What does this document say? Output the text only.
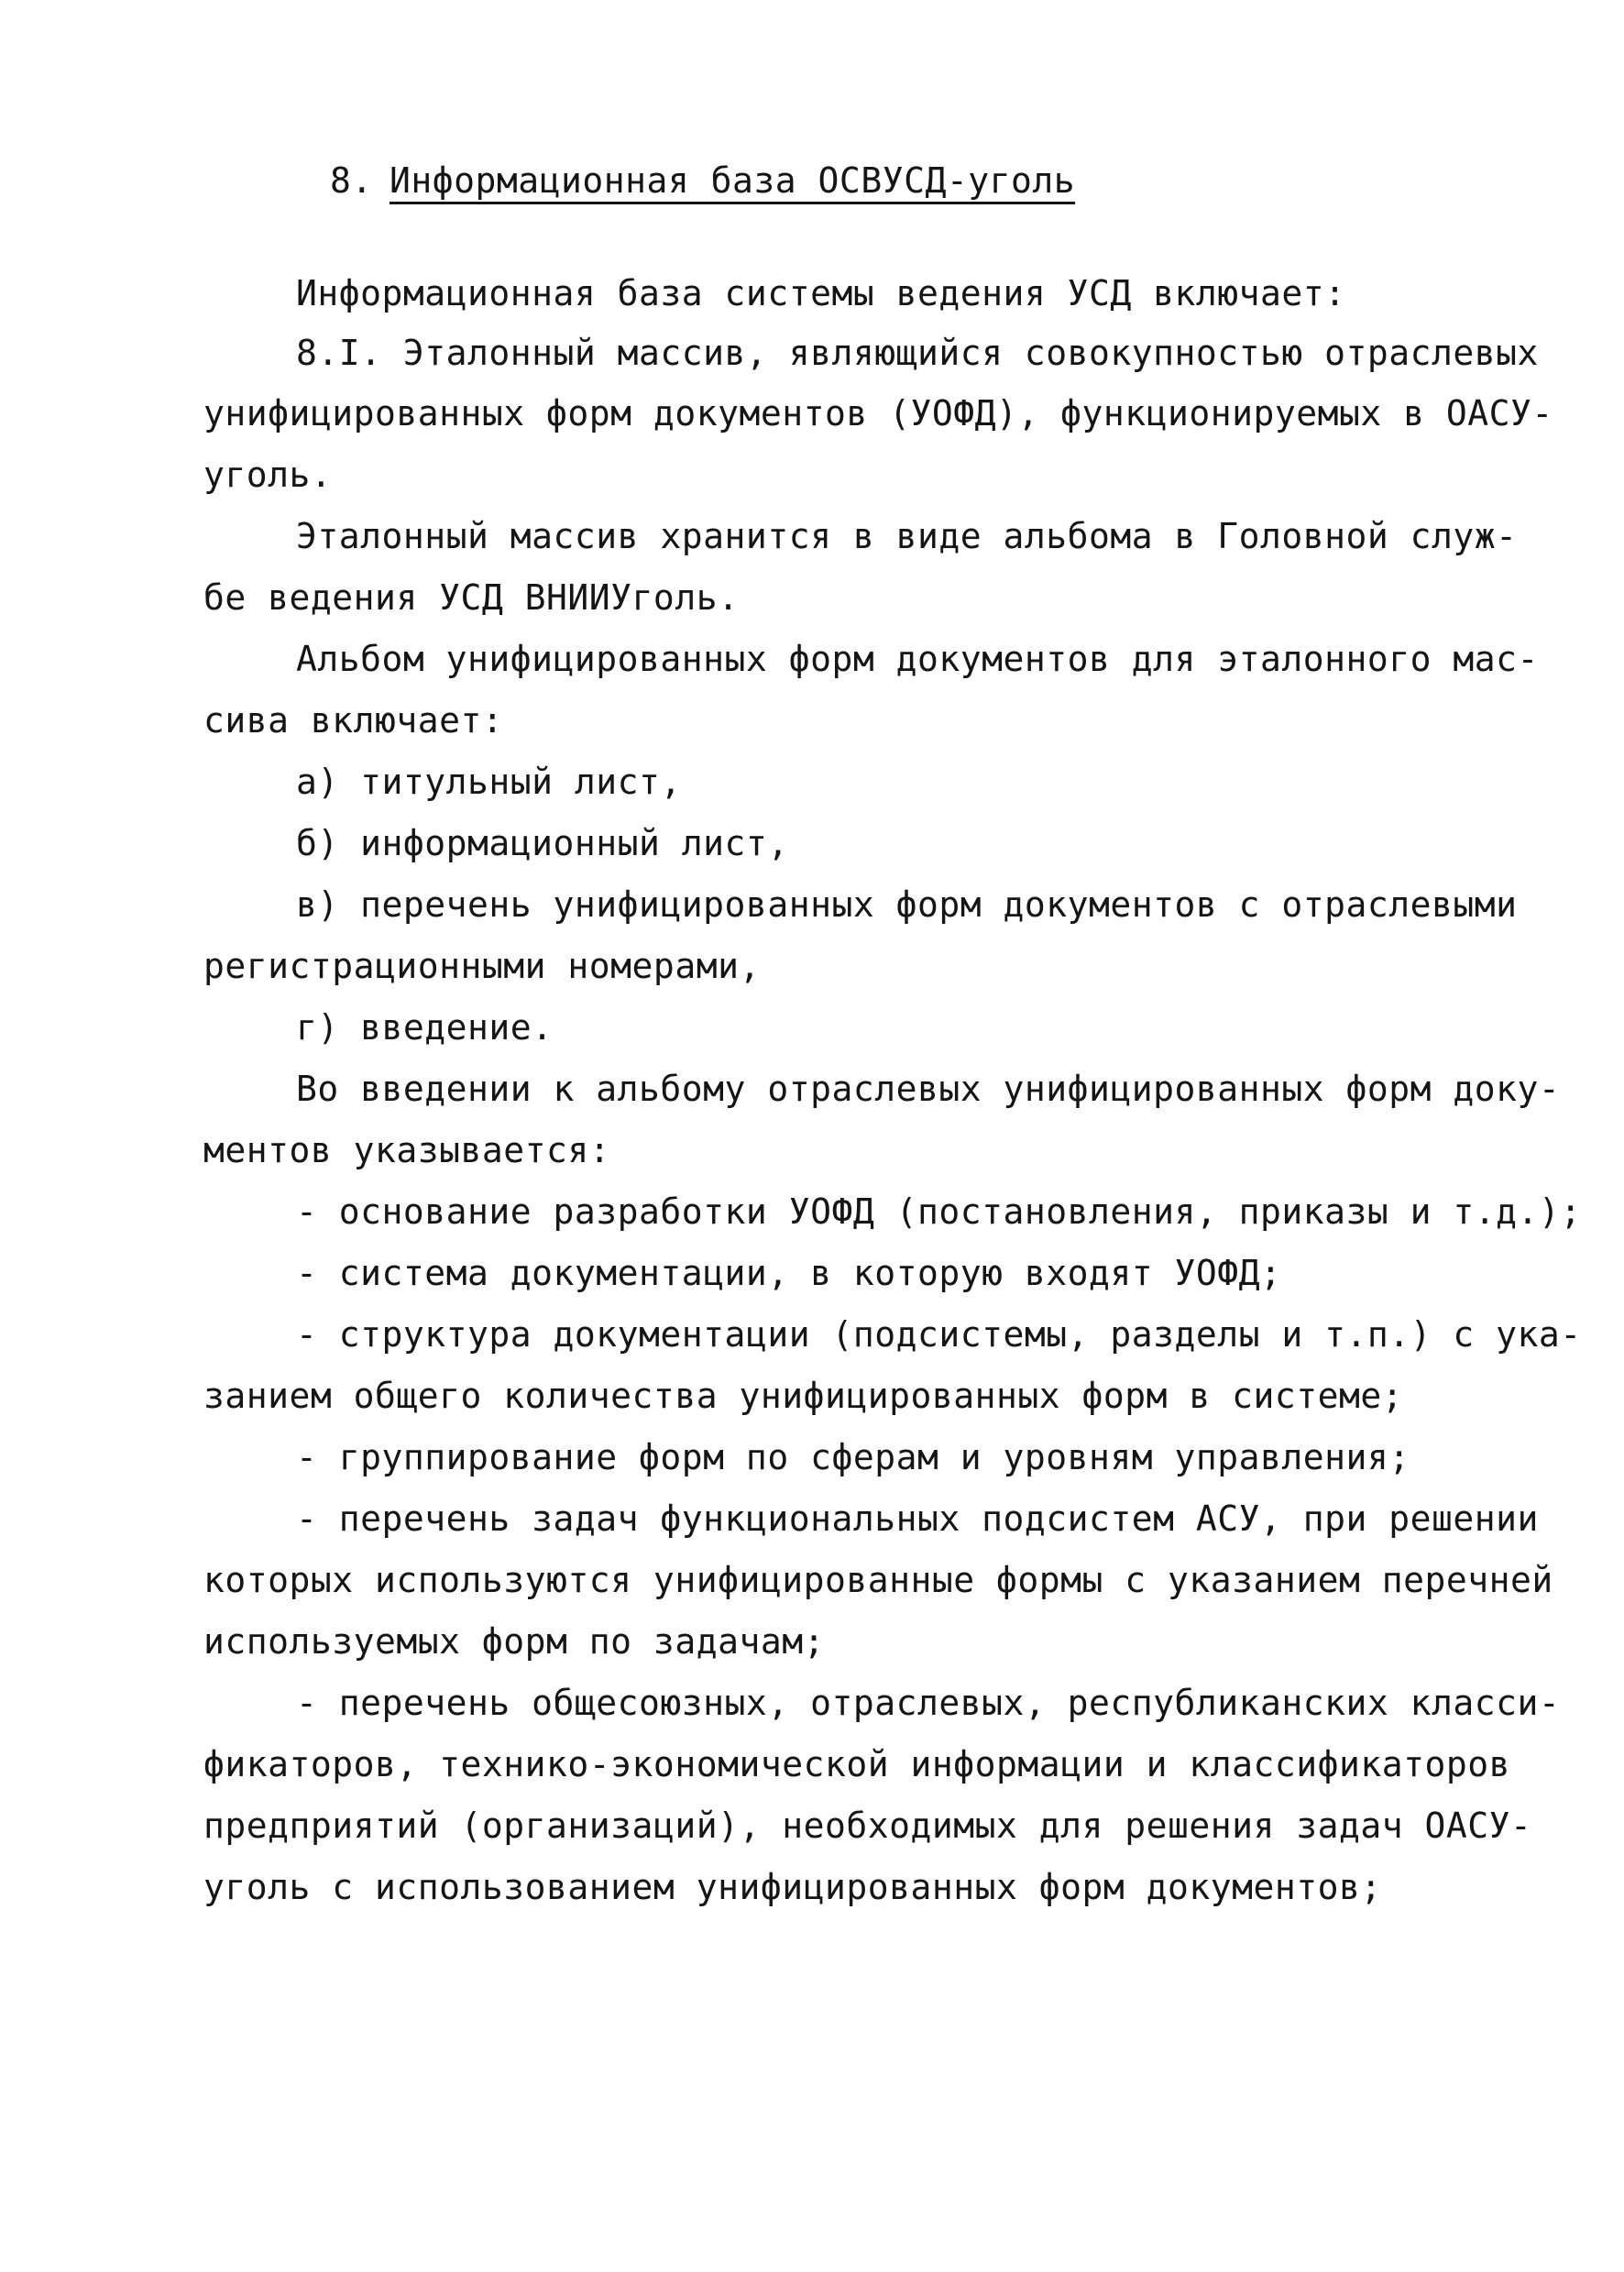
8. Информационная база ОСВУСД-уголь
Информационная база системы ведения УСД включает:
8.I. Эталонный массив, являющийся совокупностью отраслевых
унифицированных форм документов (УОФД), функционируемых в ОАСУ-
уголь.
Эталонный массив хранится в виде альбома в Головной служ-
бе ведения УСД ВНИИУголь.
Альбом унифицированных форм документов для эталонного мас-
сива включает:
а) титульный лист,
б) информационный лист,
в) перечень унифицированных форм документов с отраслевыми
регистрационными номерами,
г) введение.
Во введении к альбому отраслевых унифицированных форм доку-
ментов указывается:
- основание разработки УОФД (постановления, приказы и т.д.);
- система документации, в которую входят УОФД;
- структура документации (подсистемы, разделы и т.п.) с ука-
занием общего количества унифицированных форм в системе;
- группирование форм по сферам и уровням управления;
- перечень задач функциональных подсистем АСУ, при решении
которых используются унифицированные формы с указанием перечней
используемых форм по задачам;
- перечень общесоюзных, отраслевых, республиканских класси-
фикаторов, технико-экономической информации и классификаторов
предприятий (организаций), необходимых для решения задач ОАСУ-
уголь с использованием унифицированных форм документов;
